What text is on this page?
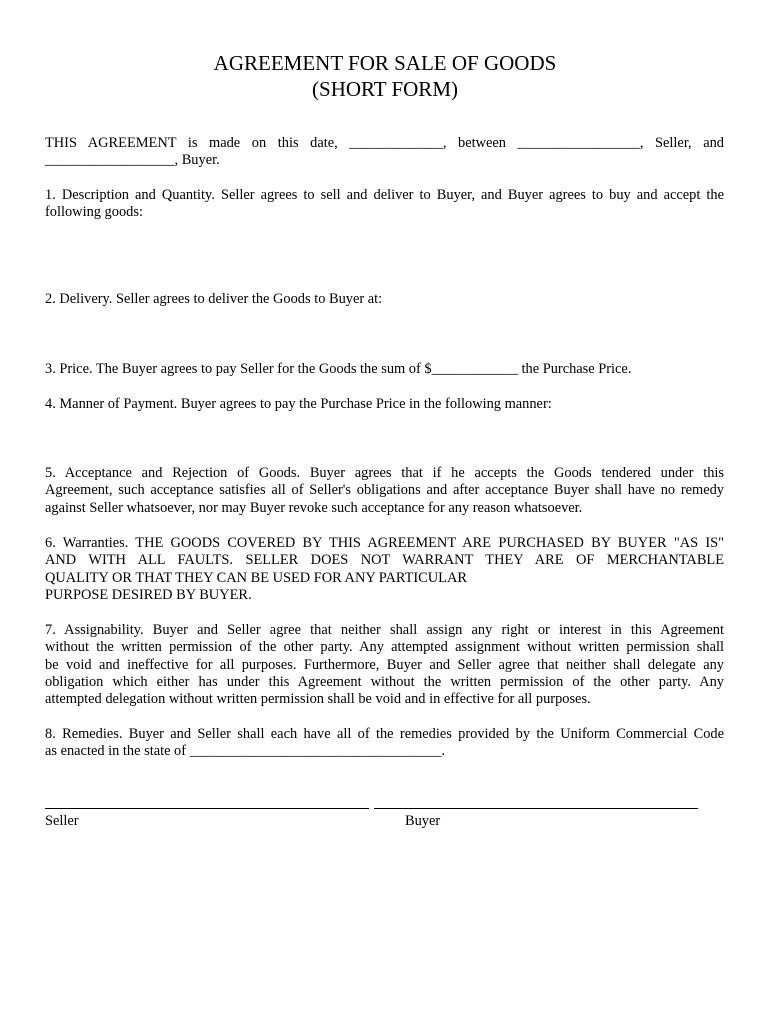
AGREEMENT FOR SALE OF GOODS
(SHORT FORM)
THIS AGREEMENT is made on this date, _____________, between _________________, Seller, and
__________________, Buyer.
1. Description and Quantity. Seller agrees to sell and deliver to Buyer, and Buyer agrees to buy and accept the
following goods:
2. Delivery. Seller agrees to deliver the Goods to Buyer at:
3. Price. The Buyer agrees to pay Seller for the Goods the sum of $____________ the Purchase Price.
4. Manner of Payment. Buyer agrees to pay the Purchase Price in the following manner:
5. Acceptance and Rejection of Goods. Buyer agrees that if he accepts the Goods tendered under this
Agreement, such acceptance satisfies all of Seller's obligations and after acceptance Buyer shall have no remedy
against Seller whatsoever, nor may Buyer revoke such acceptance for any reason whatsoever.
6. Warranties. THE GOODS COVERED BY THIS AGREEMENT ARE PURCHASED BY BUYER "AS IS"
AND WITH ALL FAULTS. SELLER DOES NOT WARRANT THEY ARE OF MERCHANTABLE
QUALITY OR THAT THEY CAN BE USED FOR ANY PARTICULAR
PURPOSE DESIRED BY BUYER.
7. Assignability. Buyer and Seller agree that neither shall assign any right or interest in this Agreement
without the written permission of the other party. Any attempted assignment without written permission shall
be void and ineffective for all purposes. Furthermore, Buyer and Seller agree that neither shall delegate any
obligation which either has under this Agreement without the written permission of the other party. Any
attempted delegation without written permission shall be void and in effective for all purposes.
8. Remedies. Buyer and Seller shall each have all of the remedies provided by the Uniform Commercial Code
as enacted in the state of ___________________________________.
Seller	Buyer
